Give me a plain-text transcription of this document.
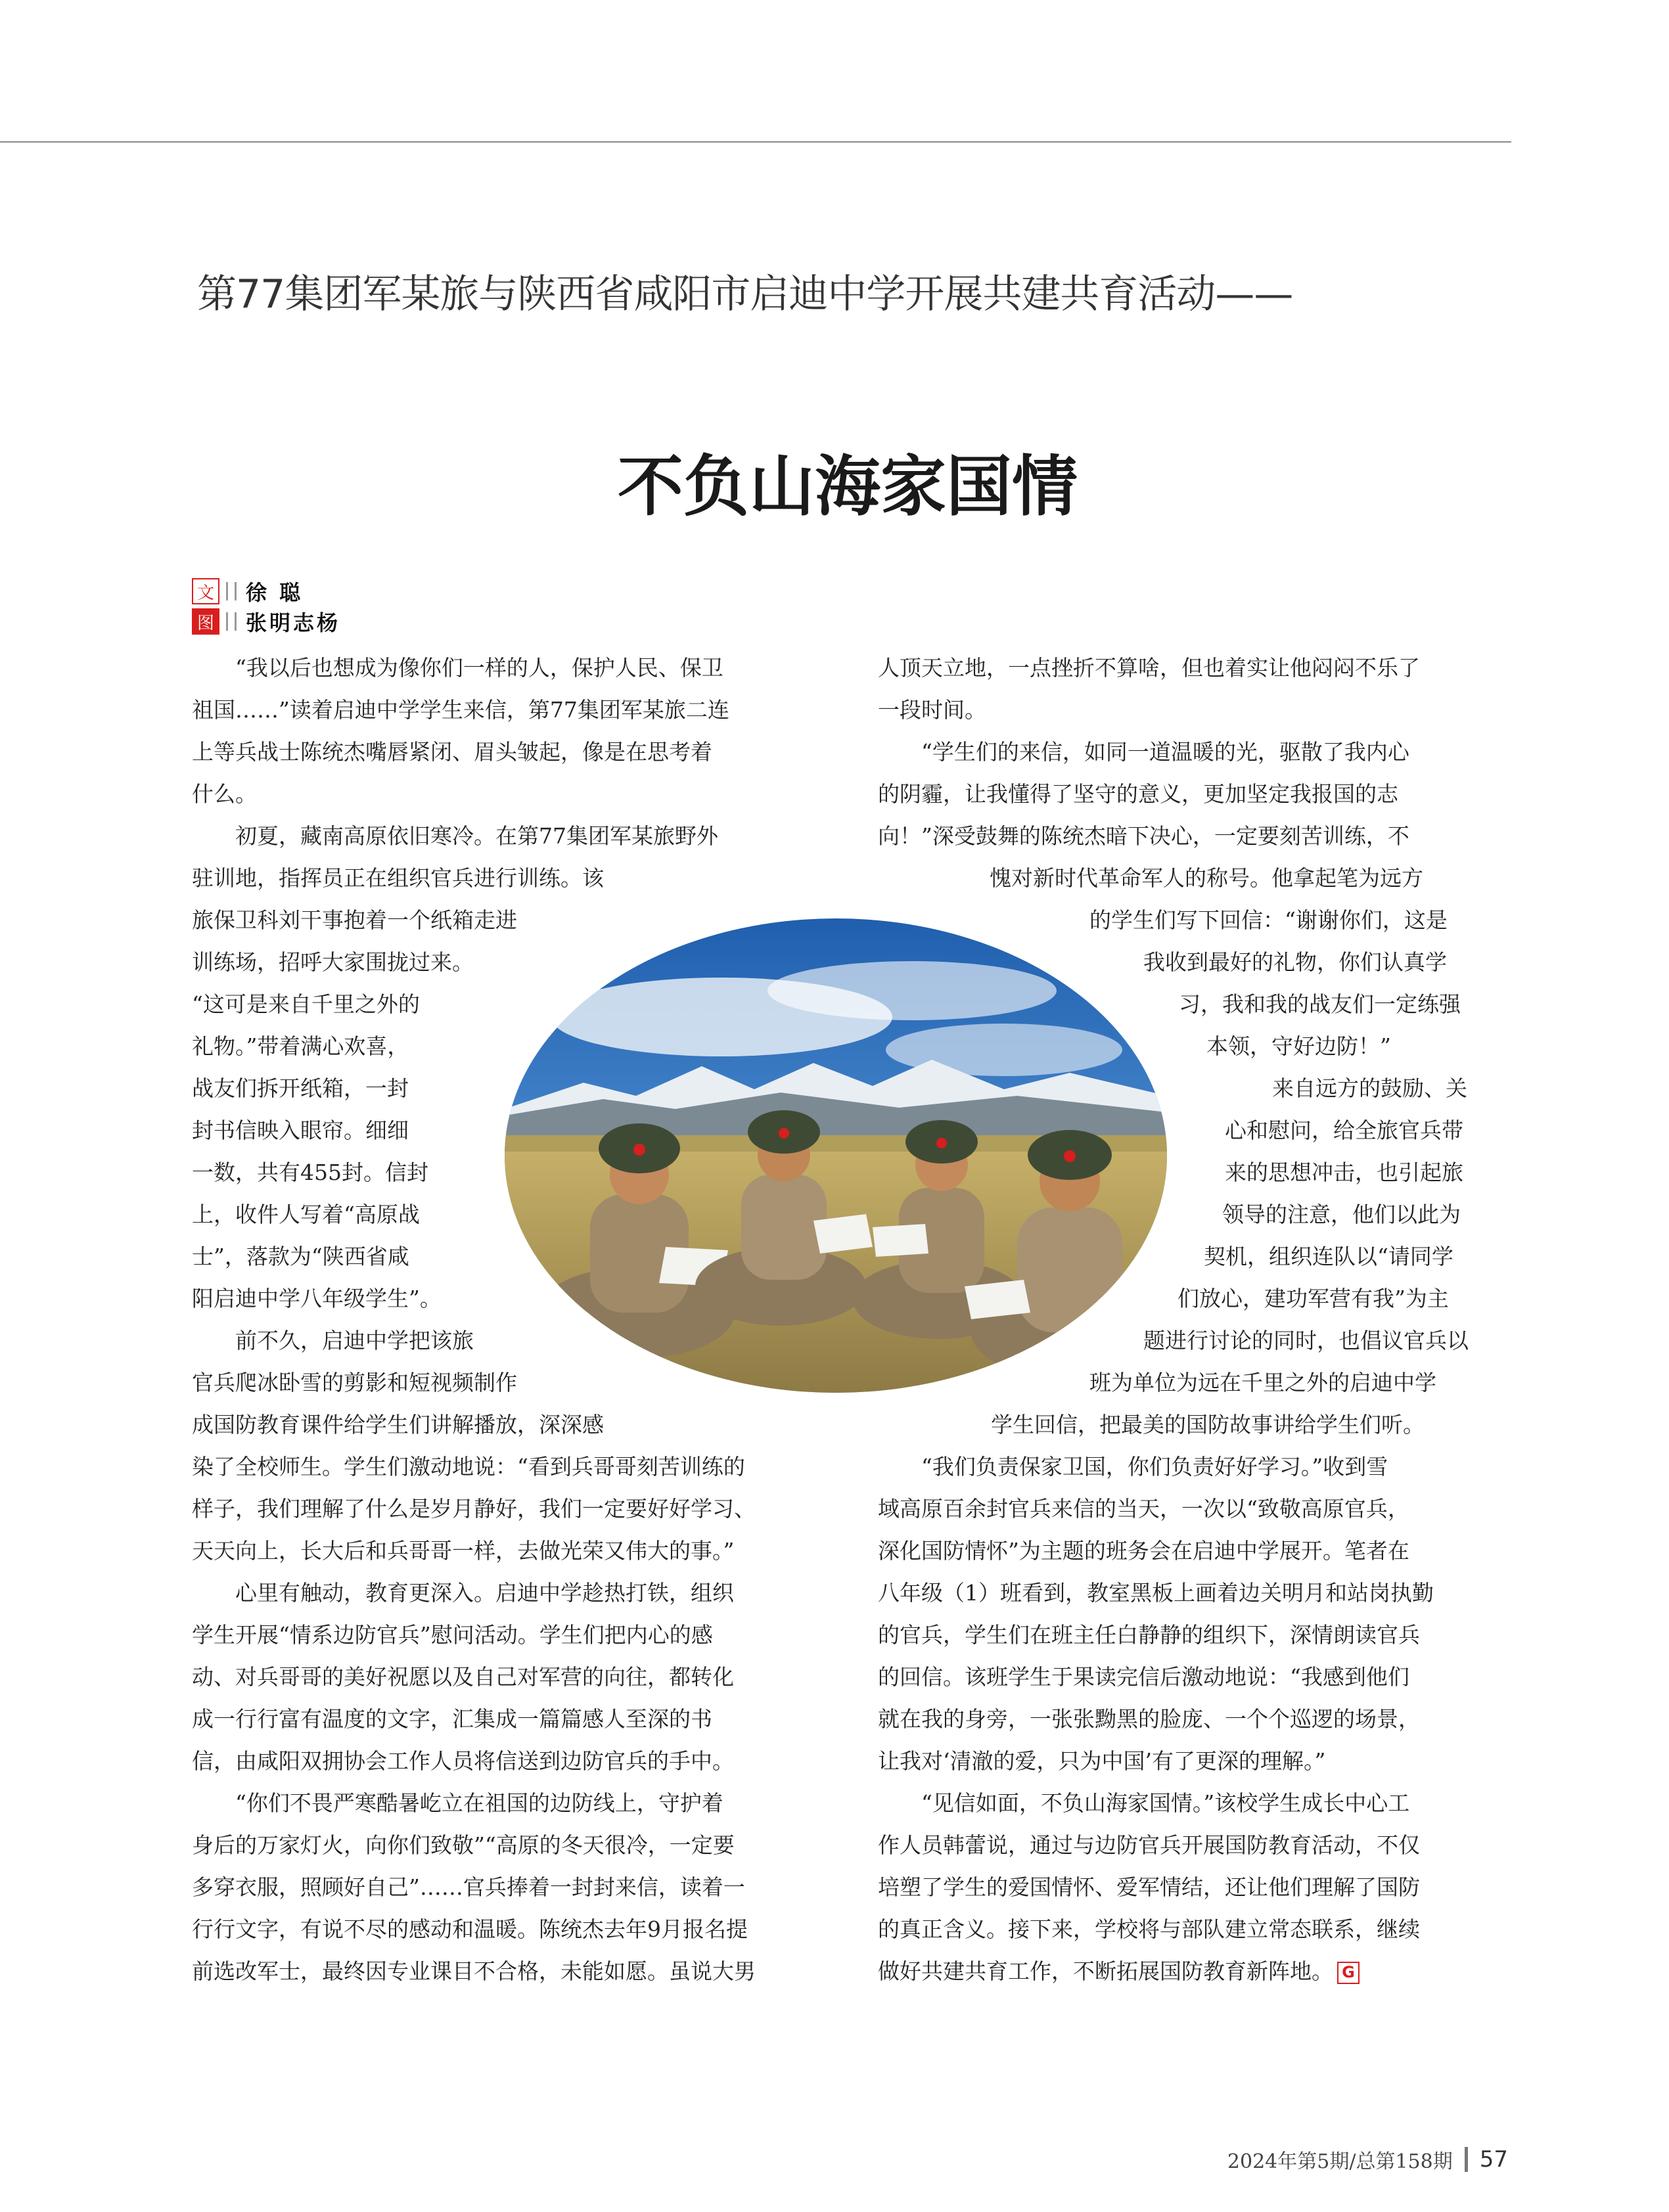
第77集团军某旅与陕西省咸阳市启迪中学开展共建共育活动——
不负山海家国情
文 徐 聪
图 张明志杨

“我以后也想成为像你们一样的人，保护人民、保卫

祖国……”读着启迪中学学生来信，第77集团军某旅二连

上等兵战士陈统杰嘴唇紧闭、眉头皱起，像是在思考着

什么。

初夏，藏南高原依旧寒冷。在第77集团军某旅野外

驻训地，指挥员正在组织官兵进行训练。该

旅保卫科刘干事抱着一个纸箱走进

训练场，招呼大家围拢过来。

“这可是来自千里之外的

礼物。”带着满心欢喜，

战友们拆开纸箱，一封

封书信映入眼帘。细细

一数，共有455封。信封

上，收件人写着“高原战

士”，落款为“陕西省咸

阳启迪中学八年级学生”。

前不久，启迪中学把该旅

官兵爬冰卧雪的剪影和短视频制作

成国防教育课件给学生们讲解播放，深深感

染了全校师生。学生们激动地说：“看到兵哥哥刻苦训练的

样子，我们理解了什么是岁月静好，我们一定要好好学习、

天天向上，长大后和兵哥哥一样，去做光荣又伟大的事。”

心里有触动，教育更深入。启迪中学趁热打铁，组织

学生开展“情系边防官兵”慰问活动。学生们把内心的感

动、对兵哥哥的美好祝愿以及自己对军营的向往，都转化

成一行行富有温度的文字，汇集成一篇篇感人至深的书

信，由咸阳双拥协会工作人员将信送到边防官兵的手中。

“你们不畏严寒酷暑屹立在祖国的边防线上，守护着

身后的万家灯火，向你们致敬”“高原的冬天很冷，一定要

多穿衣服，照顾好自己”……官兵捧着一封封来信，读着一

行行文字，有说不尽的感动和温暖。陈统杰去年9月报名提

前选改军士，最终因专业课目不合格，未能如愿。虽说大男

人顶天立地，一点挫折不算啥，但也着实让他闷闷不乐了

一段时间。

“学生们的来信，如同一道温暖的光，驱散了我内心

的阴霾，让我懂得了坚守的意义，更加坚定我报国的志

向！”深受鼓舞的陈统杰暗下决心，一定要刻苦训练，不

愧对新时代革命军人的称号。他拿起笔为远方

的学生们写下回信：“谢谢你们，这是

我收到最好的礼物，你们认真学

习，我和我的战友们一定练强

本领，守好边防！”

来自远方的鼓励、关

心和慰问，给全旅官兵带

来的思想冲击，也引起旅

领导的注意，他们以此为

契机，组织连队以“请同学

们放心，建功军营有我”为主

题进行讨论的同时，也倡议官兵以

班为单位为远在千里之外的启迪中学

学生回信，把最美的国防故事讲给学生们听。

“我们负责保家卫国，你们负责好好学习。”收到雪

域高原百余封官兵来信的当天，一次以“致敬高原官兵，

深化国防情怀”为主题的班务会在启迪中学展开。笔者在

八年级（1）班看到，教室黑板上画着边关明月和站岗执勤

的官兵，学生们在班主任白静静的组织下，深情朗读官兵

的回信。该班学生于果读完信后激动地说：“我感到他们

就在我的身旁，一张张黝黑的脸庞、一个个巡逻的场景，

让我对‘清澈的爱，只为中国’有了更深的理解。”

“见信如面，不负山海家国情。”该校学生成长中心工

作人员韩蕾说，通过与边防官兵开展国防教育活动，不仅

培塑了学生的爱国情怀、爱军情结，还让他们理解了国防

的真正含义。接下来，学校将与部队建立常态联系，继续

做好共建共育工作，不断拓展国防教育新阵地。 G

2024年第5期/总第158期 57
